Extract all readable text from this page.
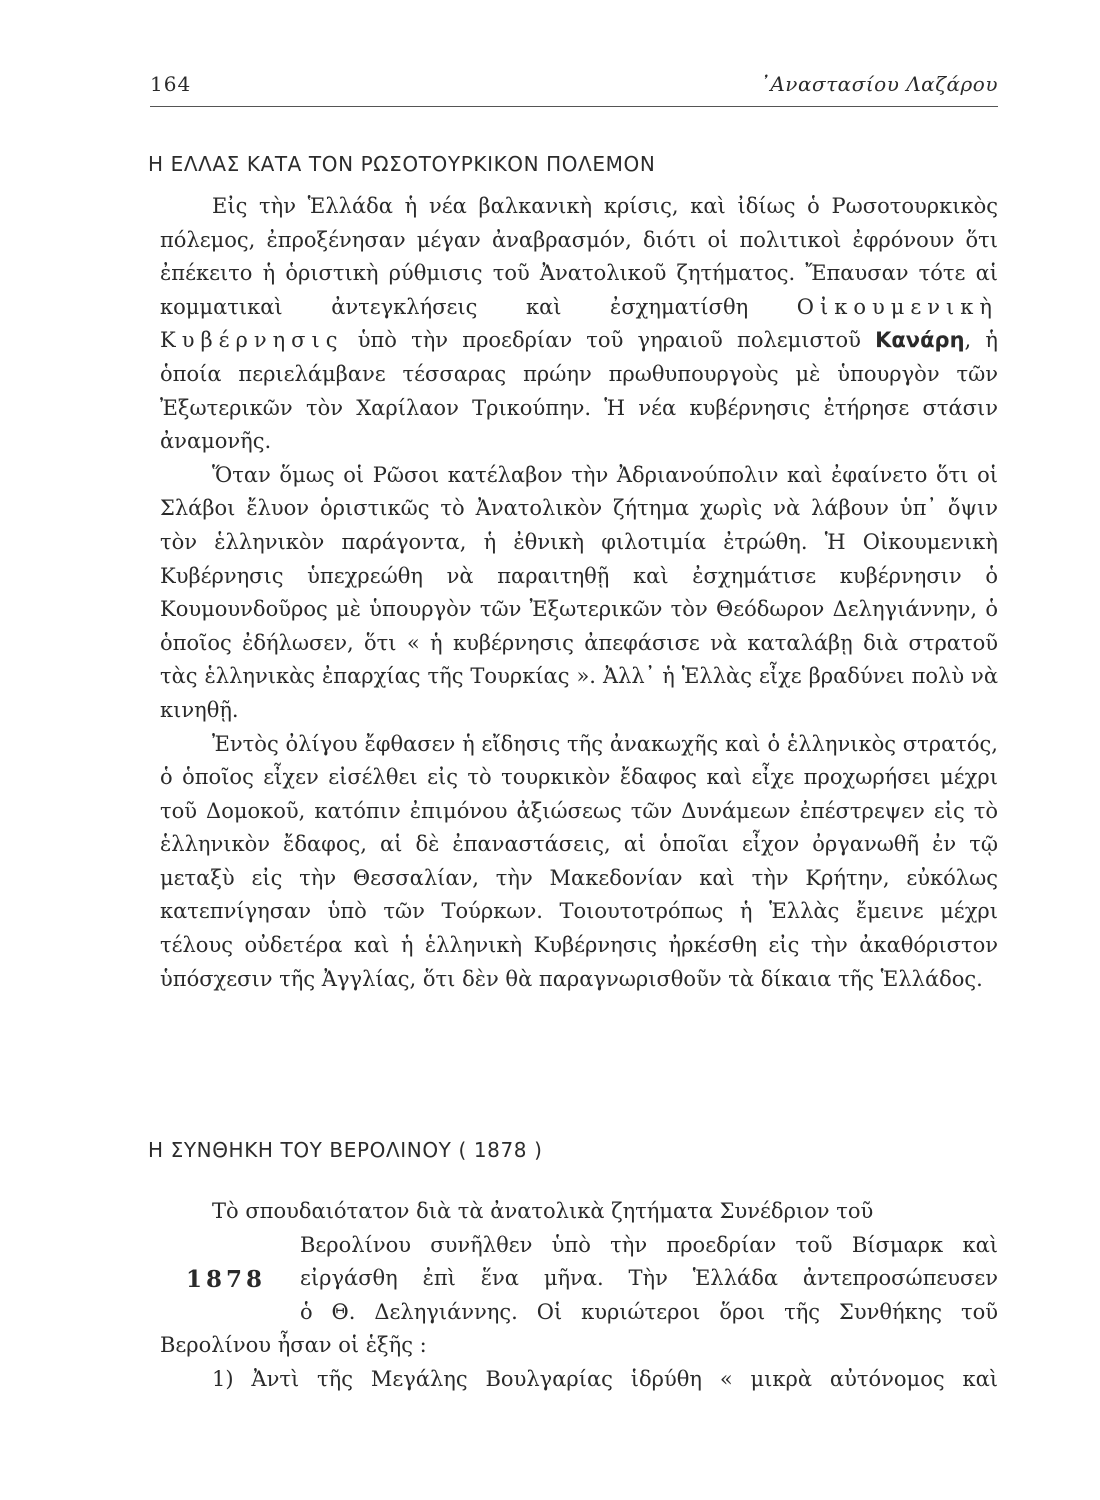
164	᾿Αναστασίου Λαζάρου
Η ΕΛΛΑΣ ΚΑΤΑ ΤΟΝ ΡΩΣΟΤΟΥΡΚΙΚΟΝ ΠΟΛΕΜΟΝ

Εἰς τὴν Ἑλλάδα ἡ νέα βαλκανικὴ κρίσις, καὶ ἰδίως ὁ Ρωσοτουρκικὸς πόλεμος, ἐπροξένησαν μέγαν ἀναβρασμόν, διότι οἱ πολιτικοὶ ἐφρόνουν ὅτι ἐπέκειτο ἡ ὁριστικὴ ρύθμισις τοῦ Ἀνατολικοῦ ζητήματος. Ἔπαυσαν τότε αἱ κομματικαὶ ἀντεγκλήσεις καὶ ἐσχηματίσθη Οἰκουμενικὴ Κυβέρνησις ὑπὸ τὴν προεδρίαν τοῦ γηραιοῦ πολεμιστοῦ Κανάρη, ἡ ὁποία περιελάμβανε τέσσαρας πρώην πρωθυπουργοὺς μὲ ὑπουργὸν τῶν Ἐξωτερικῶν τὸν Χαρίλαον Τρικούπην. Ἡ νέα κυβέρνησις ἐτήρησε στάσιν ἀναμονῆς.

Ὅταν ὅμως οἱ Ρῶσοι κατέλαβον τὴν Ἀδριανούπολιν καὶ ἐφαίνετο ὅτι οἱ Σλάβοι ἔλυον ὁριστικῶς τὸ Ἀνατολικὸν ζήτημα χωρὶς νὰ λάβουν ὑπ᾿ ὄψιν τὸν ἑλληνικὸν παράγοντα, ἡ ἐθνικὴ φιλοτιμία ἐτρώθη. Ἡ Οἰκουμενικὴ Κυβέρνησις ὑπεχρεώθη νὰ παραιτηθῇ καὶ ἐσχημάτισε κυβέρνησιν ὁ Κουμουνδοῦρος μὲ ὑπουργὸν τῶν Ἐξωτερικῶν τὸν Θεόδωρον Δεληγιάννην, ὁ ὁποῖος ἐδήλωσεν, ὅτι « ἡ κυβέρνησις ἀπεφάσισε νὰ καταλάβῃ διὰ στρατοῦ τὰς ἑλληνικὰς ἐπαρχίας τῆς Τουρκίας ». Ἀλλ᾿ ἡ Ἑλλὰς εἶχε βραδύνει πολὺ νὰ κινηθῇ.

Ἐντὸς ὀλίγου ἔφθασεν ἡ εἴδησις τῆς ἀνακωχῆς καὶ ὁ ἑλληνικὸς στρατός, ὁ ὁποῖος εἶχεν εἰσέλθει εἰς τὸ τουρκικὸν ἔδαφος καὶ εἶχε προχωρήσει μέχρι τοῦ Δομοκοῦ, κατόπιν ἐπιμόνου ἀξιώσεως τῶν Δυνάμεων ἐπέστρεψεν εἰς τὸ ἑλληνικὸν ἔδαφος, αἱ δὲ ἐπαναστάσεις, αἱ ὁποῖαι εἶχον ὀργανωθῆ ἐν τῷ μεταξὺ εἰς τὴν Θεσσαλίαν, τὴν Μακεδονίαν καὶ τὴν Κρήτην, εὐκόλως κατεπνίγησαν ὑπὸ τῶν Τούρκων. Τοιουτοτρόπως ἡ Ἑλλὰς ἔμεινε μέχρι τέλους οὐδετέρα καὶ ἡ ἑλληνικὴ Κυβέρνησις ἠρκέσθη εἰς τὴν ἀκαθόριστον ὑπόσχεσιν τῆς Ἀγγλίας, ὅτι δὲν θὰ παραγνωρισθοῦν τὰ δίκαια τῆς Ἑλλάδος.

Η ΣΥΝΘΗΚΗ ΤΟΥ ΒΕΡΟΛΙΝΟΥ ( 1878 )

Τὸ σπουδαιότατον διὰ τὰ ἀνατολικὰ ζητήματα Συνέδριον τοῦ

1878
Βερολίνου συνῆλθεν ὑπὸ τὴν προεδρίαν τοῦ Βίσμαρκ καὶ
εἰργάσθη ἐπὶ ἕνα μῆνα. Τὴν Ἑλλάδα ἀντεπροσώπευσεν
ὁ Θ. Δεληγιάννης. Οἱ κυριώτεροι ὅροι τῆς Συνθήκης τοῦ

Βερολίνου ἦσαν οἱ ἑξῆς :

1) Ἀντὶ τῆς Μεγάλης Βουλγαρίας ἱδρύθη « μικρὰ αὐτόνομος καὶ
